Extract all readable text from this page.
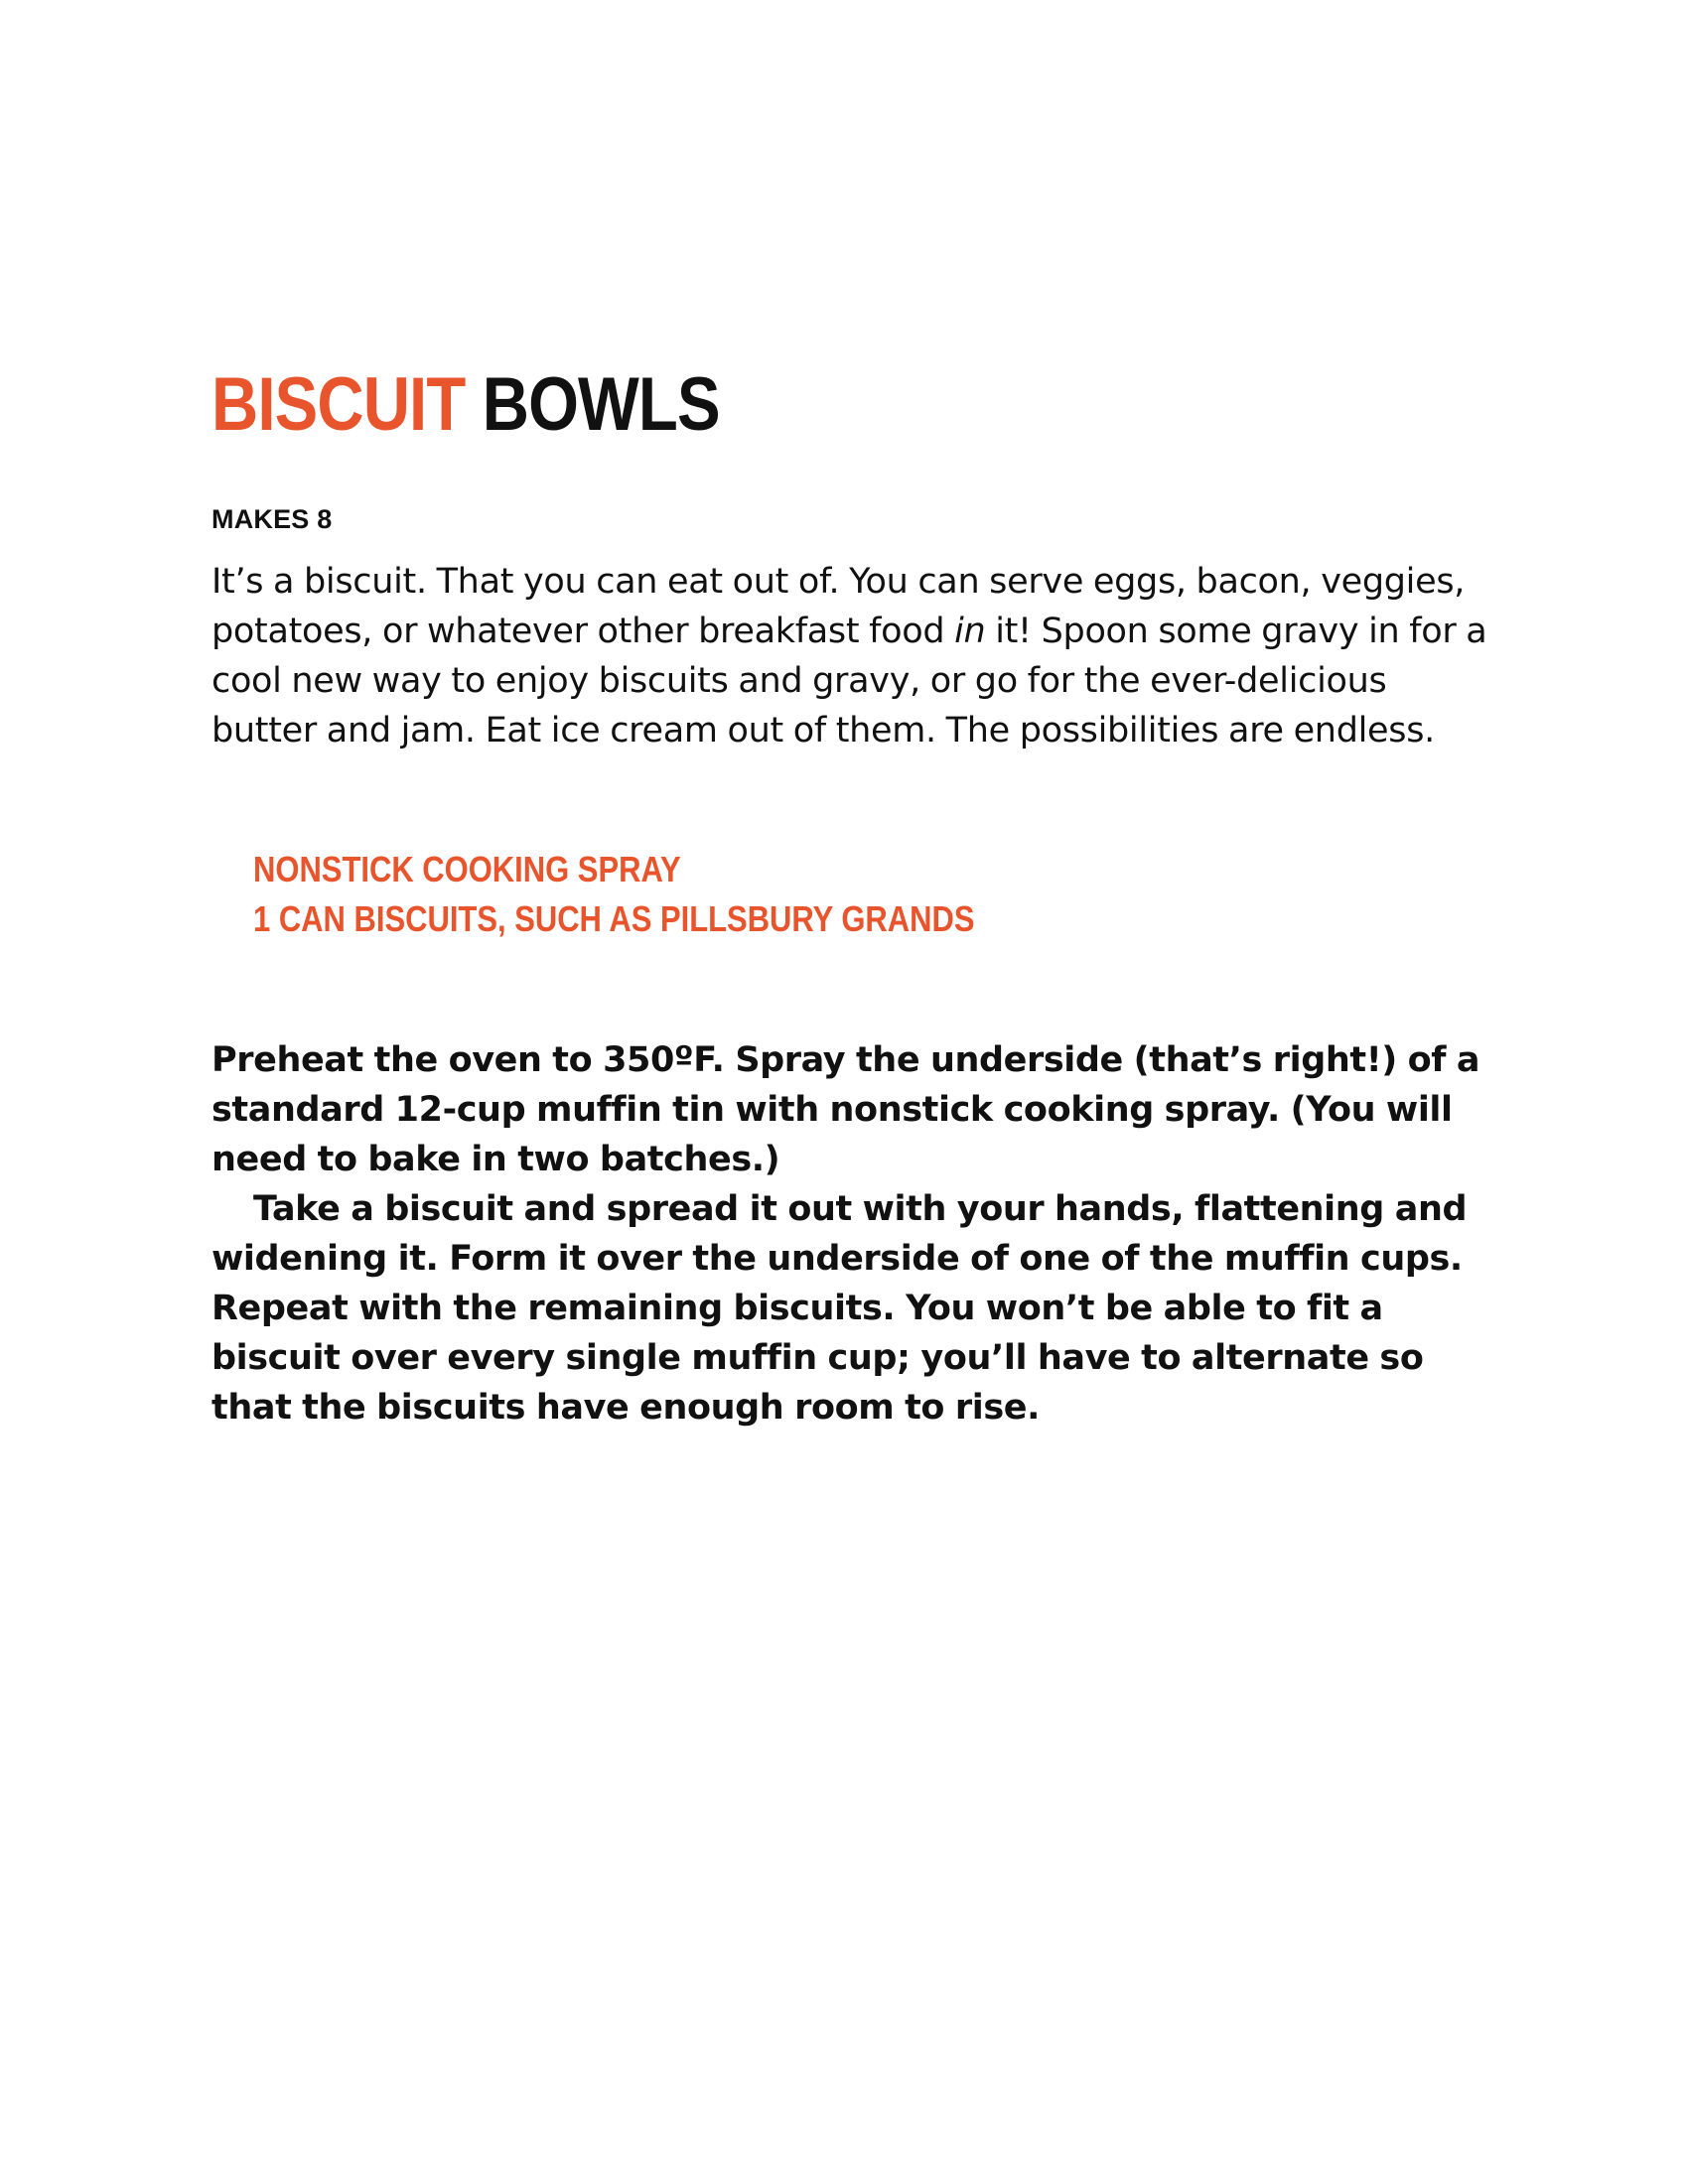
BISCUIT BOWLS
MAKES 8
It’s a biscuit. That you can eat out of. You can serve eggs, bacon, veggies, potatoes, or whatever other breakfast food in it! Spoon some gravy in for a cool new way to enjoy biscuits and gravy, or go for the ever-delicious butter and jam. Eat ice cream out of them. The possibilities are endless.
NONSTICK COOKING SPRAY
1 CAN BISCUITS, SUCH AS PILLSBURY GRANDS

Preheat the oven to 350ºF. Spray the underside (that’s right!) of a standard 12-cup muffin tin with nonstick cooking spray. (You will need to bake in two batches.)

Take a biscuit and spread it out with your hands, flattening and widening it. Form it over the underside of one of the muffin cups. Repeat with the remaining biscuits. You won’t be able to fit a biscuit over every single muffin cup; you’ll have to alternate so that the biscuits have enough room to rise.
